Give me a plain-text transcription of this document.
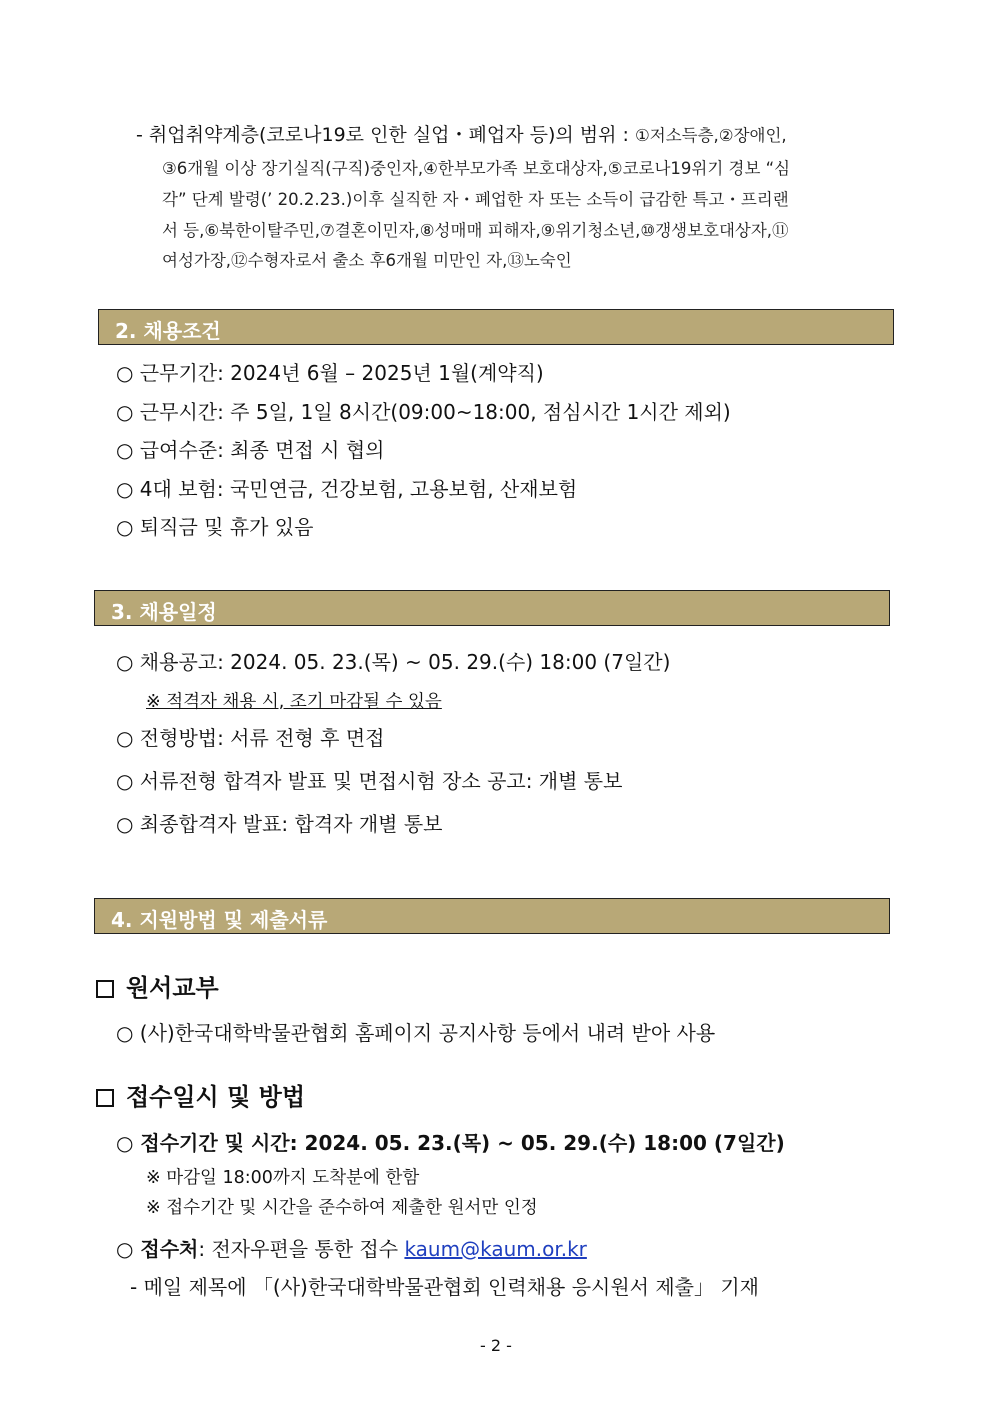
- 취업취약계층(코로나19로 인한 실업・폐업자 등)의 범위 : ①저소득층,②장애인,
③6개월 이상 장기실직(구직)중인자,④한부모가족 보호대상자,⑤코로나19위기 경보 “심
각” 단계 발령(’ 20.2.23.)이후 실직한 자・폐업한 자 또는 소득이 급감한 특고・프리랜
서 등,⑥북한이탈주민,⑦결혼이민자,⑧성매매 피해자,⑨위기청소년,⑩갱생보호대상자,⑪
여성가장,⑫수형자로서 출소 후6개월 미만인 자,⑬노숙인
2. 채용조건
○ 근무기간: 2024년 6월 – 2025년 1월(계약직)
○ 근무시간: 주 5일, 1일 8시간(09:00~18:00, 점심시간 1시간 제외)
○ 급여수준: 최종 면접 시 협의
○ 4대 보험: 국민연금, 건강보험, 고용보험, 산재보험
○ 퇴직금 및 휴가 있음
3. 채용일정
○ 채용공고: 2024. 05. 23.(목) ~ 05. 29.(수) 18:00 (7일간)
※ 적격자 채용 시, 조기 마감될 수 있음
○ 전형방법: 서류 전형 후 면접
○ 서류전형 합격자 발표 및 면접시험 장소 공고: 개별 통보
○ 최종합격자 발표: 합격자 개별 통보
4. 지원방법 및 제출서류
원서교부
○ (사)한국대학박물관협회 홈페이지 공지사항 등에서 내려 받아 사용
접수일시 및 방법
○ 접수기간 및 시간: 2024. 05. 23.(목) ~ 05. 29.(수) 18:00 (7일간)
※ 마감일 18:00까지 도착분에 한함
※ 접수기간 및 시간을 준수하여 제출한 원서만 인정
○ 접수처: 전자우편을 통한 접수 kaum@kaum.or.kr
- 메일 제목에 「(사)한국대학박물관협회 인력채용 응시원서 제출」 기재
- 2 -
